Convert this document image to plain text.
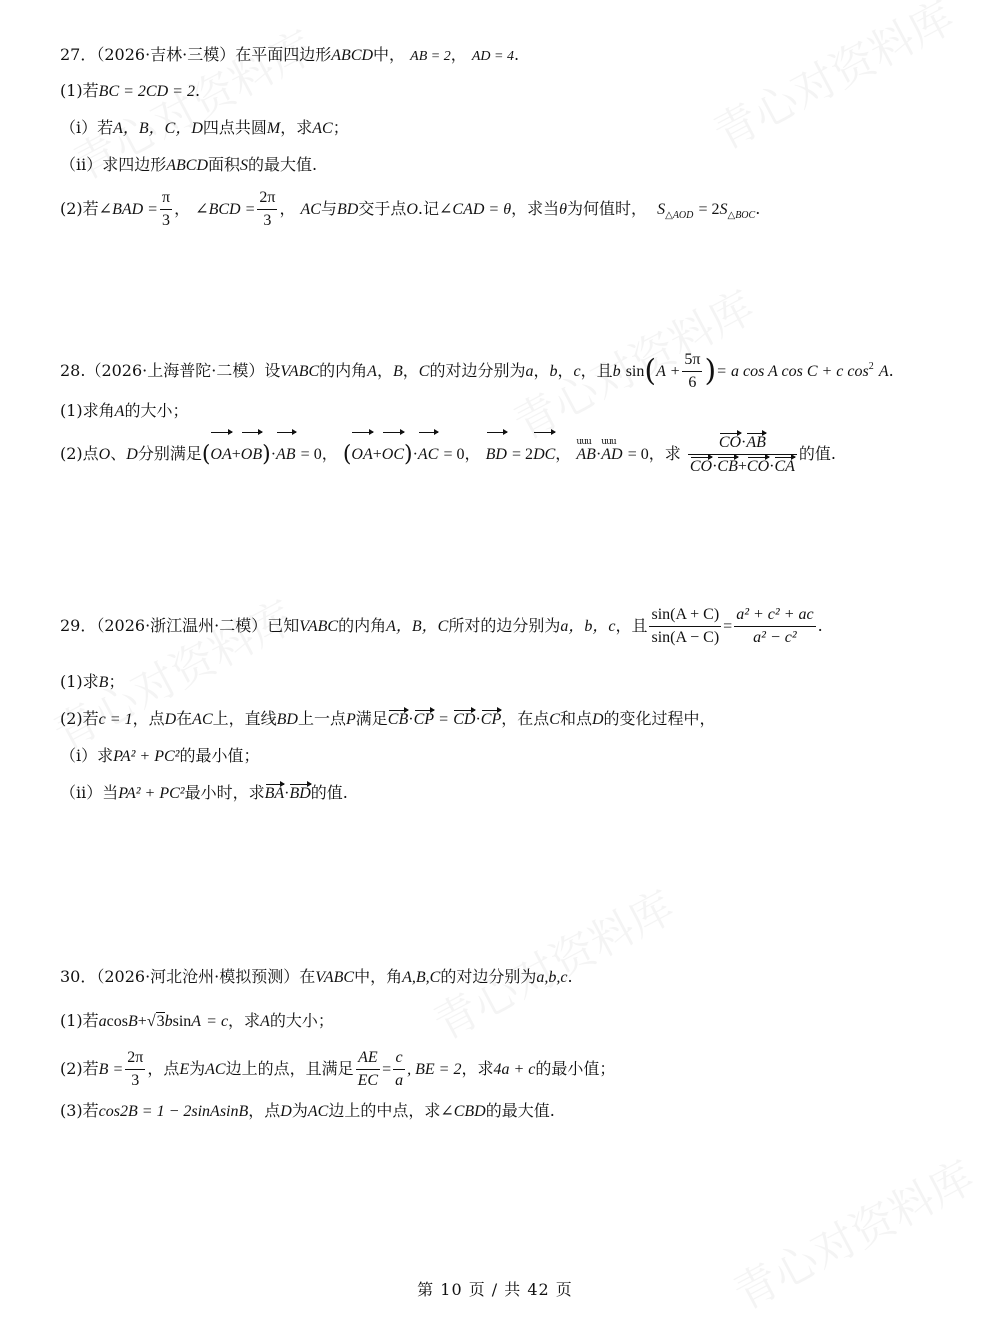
27．（2026·吉林·三模）在平面四边形ABCD中， AB = 2， AD = 4.
(1)若BC = 2CD = 2.
（i）若A，B，C，D四点共圆M，求AC；
（ii）求四边形ABCD面积S的最大值.
(2)若∠BAD = $\frac{\pi}{3}$ ， ∠BCD = $\frac{2\pi}{3}$ ， AC与BD交于点O.记∠CAD = θ，求当θ为何值时， $S_{\triangle AOD} = 2S_{\triangle BOC}$.
28.（2026·上海普陀·二模）设VABC的内角A，B，C的对边分别为a，b，c，且b $\sin(A + \frac{5\pi}{6}$ )= a cos A cos C + c $\cos^2 A$.
(1)求角A的大小；
(2)点O、D分别满足(OA+OB)·AB = 0， (OA+OC)·AC = 0， BD = 2DC，
uuu
AB·
uuu
AD = 0，求 $\frac{CO\cdot AB}{CO\cdot CB+CO\cdot CA}$ 的值.
29．（2026·浙江温州·二模）已知VABC的内角A，B，C所对的边分别为a，b，c，且 $\frac{\sin(A + C)}{\sin(A - C)} = \frac{\text{a² + c² + ac}}{\text{a² − c²}}$ .
(1)求B；
(2)若c = 1，点D在AC上，直线BD上一点P满足CB·CP = CD·CP，在点C和点D的变化过程中，
（i）求PA² + PC²的最小值；
（ii）当PA² + PC²最小时，求BA·BD的值.
30．（2026·河北沧州·模拟预测）在VABC中，角A,B,C的对边分别为a,b,c.
(1)若acosB+√3bsinA = c，求A的大小；
(2)若$B = \frac{2\pi}{3}$ ，点E为AC边上的点，且满足 $\frac{AE}{EC} = \frac{c}{a}$ , BE = 2，求4a + c的最小值；
(3)若cos2B = 1 − 2sinAsinB，点D为AC边上的中点，求∠CBD的最大值.
第 10 页 / 共 42 页
